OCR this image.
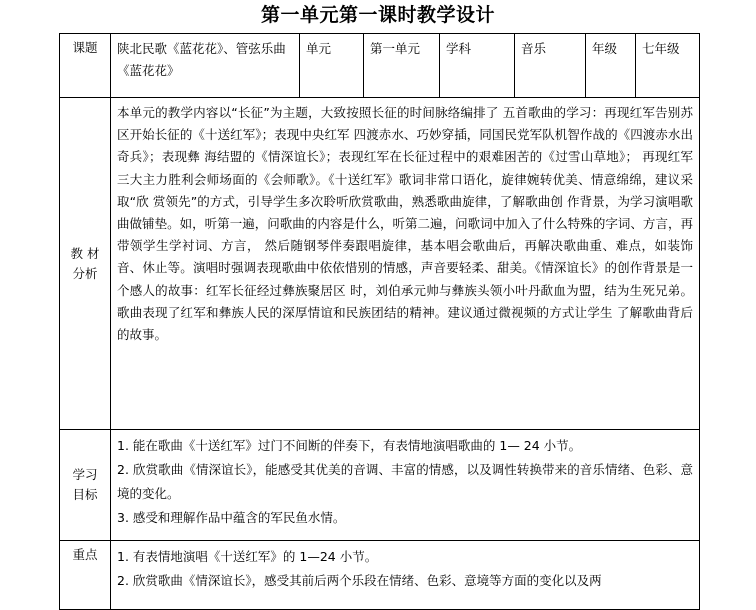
第一单元第一课时教学设计
课题	陕北民歌《蓝花花》、管弦乐曲《蓝花花》	单元	第一单元	学科	音乐	年级	七年级

教 材
分析	本单元的教学内容以“长征”为主题，大致按照长征的时间脉络编排了 五首歌曲的学习：再现红军告别苏区开始长征的《十送红军》；表现中央红军 四渡赤水、巧妙穿插，同国民党军队机智作战的《四渡赤水出奇兵》；表现彝 海结盟的《情深谊长》；表现红军在长征过程中的艰难困苦的《过雪山草地》； 再现红军三大主力胜利会师场面的《会师歌》。《十送红军》歌词非常口语化，旋律婉转优美、情意绵绵，建议采取“欣 赏领先”的方式，引导学生多次聆听欣赏歌曲，熟悉歌曲旋律，了解歌曲创 作背景，为学习演唱歌曲做铺垫。如，听第一遍，问歌曲的内容是什么，听第二遍，问歌词中加入了什么特殊的字词、方言，再带领学生学衬词、方言， 然后随钢琴伴奏跟唱旋律，基本唱会歌曲后，再解决歌曲重、难点，如装饰 音、休止等。演唱时强调表现歌曲中依依惜别的情感，声音要轻柔、甜美。《情深谊长》的创作背景是一个感人的故事：红军长征经过彝族聚居区 时，刘伯承元帅与彝族头领小叶丹歃血为盟，结为生死兄弟。歌曲表现了红军和彝族人民的深厚情谊和民族团结的精神。建议通过微视频的方式让学生 了解歌曲背后的故事。						

学习
目标	1. 能在歌曲《十送红军》过门不间断的伴奏下，有表情地演唱歌曲的 1— 24 小节。
2. 欣赏歌曲《情深谊长》，能感受其优美的音调、丰富的情感，以及调性转换带来的音乐情绪、色彩、意境的变化。
3. 感受和理解作品中蕴含的军民鱼水情。						

重点	1. 有表情地演唱《十送红军》的 1—24 小节。
2. 欣赏歌曲《情深谊长》，感受其前后两个乐段在情绪、色彩、意境等方面的变化以及两						
